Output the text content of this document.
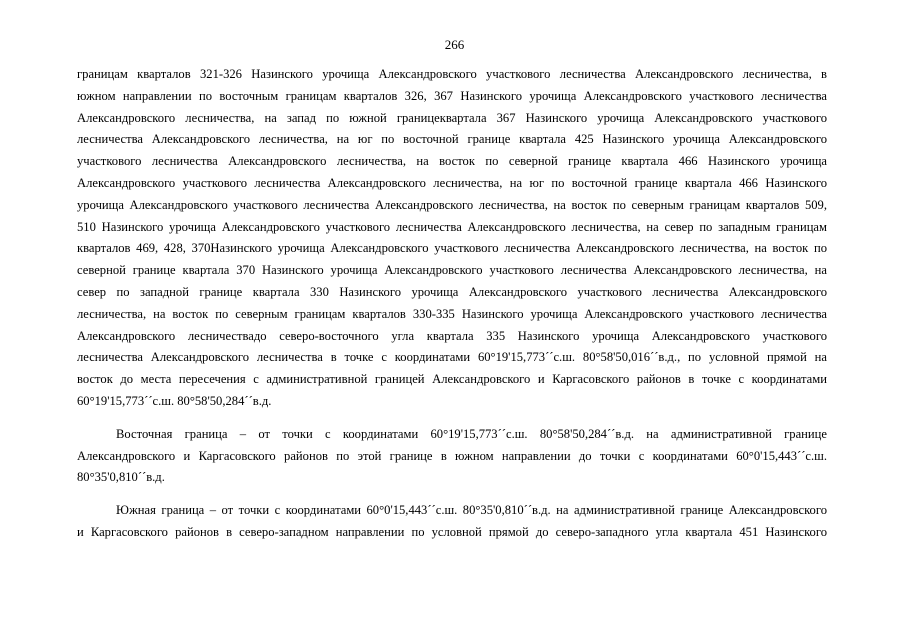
266
границам кварталов 321-326 Назинского урочища Александровского участкового лесничества Александровского лесничества, в
южном направлении по восточным границам кварталов 326, 367 Назинского урочища Александровского участкового лесничества
Александровского лесничества, на запад по южной границеквартала 367 Назинского урочища Александровского участкового
лесничества Александровского лесничества, на юг по восточной границе квартала 425 Назинского урочища Александровского
участкового лесничества Александровского лесничества, на восток по северной границе квартала 466 Назинского урочища
Александровского участкового лесничества Александровского лесничества, на юг по восточной границе квартала 466 Назинского
урочища Александровского участкового лесничества Александровского лесничества, на восток по северным границам кварталов 509,
510 Назинского урочища Александровского участкового лесничества Александровского лесничества, на север по западным границам
кварталов 469, 428, 370Назинского урочища Александровского участкового лесничества Александровского лесничества, на восток по
северной границе квартала 370 Назинского урочища Александровского участкового лесничества Александровского лесничества, на
север по западной границе квартала 330 Назинского урочища Александровского участкового лесничества Александровского
лесничества, на восток по северным границам кварталов 330-335 Назинского урочища Александровского участкового лесничества
Александровского лесничествадо северо-восточного угла квартала 335 Назинского урочища Александровского участкового
лесничества Александровского лесничества в точке с координатами 60°19'15,773´´с.ш. 80°58'50,016´´в.д., по условной прямой на
восток до места пересечения с административной границей Александровского и Каргасовского районов в точке с координатами
60°19'15,773´´с.ш. 80°58'50,284´´в.д.
Восточная граница – от точки с координатами 60°19'15,773´´с.ш. 80°58'50,284´´в.д. на административной границе
Александровского и Каргасовского районов по этой границе в южном направлении до точки с координатами 60°0'15,443´´с.ш.
80°35'0,810´´в.д.
Южная граница – от точки с координатами 60°0'15,443´´с.ш. 80°35'0,810´´в.д. на административной границе Александровского
и Каргасовского районов в северо-западном направлении по условной прямой до северо-западного угла квартала 451 Назинского
